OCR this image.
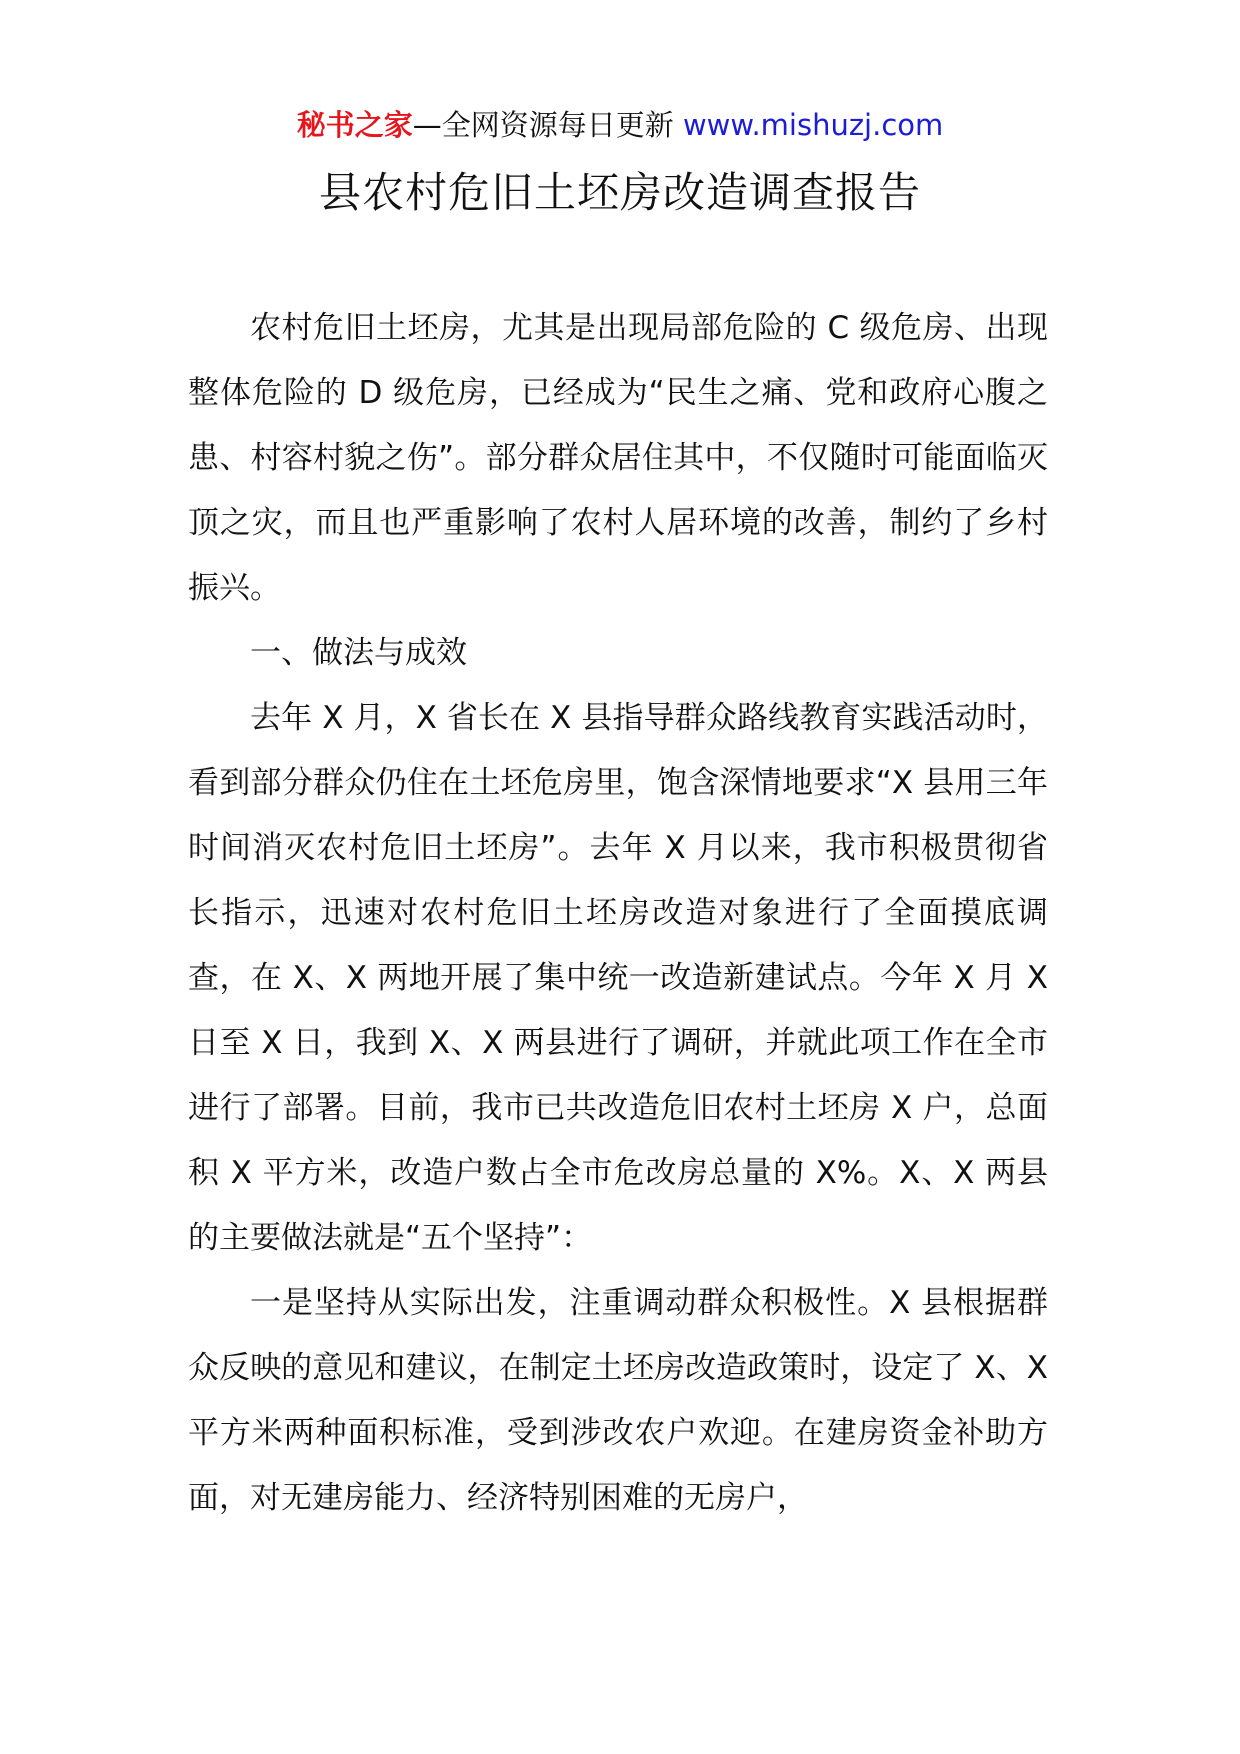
秘书之家—全网资源每日更新 www.mishuzj.com
县农村危旧土坯房改造调查报告

农村危旧土坯房，尤其是出现局部危险的 C 级危房、出现整体危险的 D 级危房，已经成为“民生之痛、党和政府心腹之患、村容村貌之伤”。部分群众居住其中，不仅随时可能面临灭顶之灾，而且也严重影响了农村人居环境的改善，制约了乡村振兴。

一、做法与成效

去年 X 月，X 省长在 X 县指导群众路线教育实践活动时，看到部分群众仍住在土坯危房里，饱含深情地要求“X 县用三年时间消灭农村危旧土坯房”。去年 X 月以来，我市积极贯彻省长指示，迅速对农村危旧土坯房改造对象进行了全面摸底调查，在 X、X 两地开展了集中统一改造新建试点。今年 X 月 X 日至 X 日，我到 X、X 两县进行了调研，并就此项工作在全市进行了部署。目前，我市已共改造危旧农村土坯房 X 户，总面积 X 平方米，改造户数占全市危改房总量的 X%。X、X 两县的主要做法就是“五个坚持”：

一是坚持从实际出发，注重调动群众积极性。X 县根据群众反映的意见和建议，在制定土坯房改造政策时，设定了 X、X 平方米两种面积标准，受到涉改农户欢迎。在建房资金补助方面，对无建房能力、经济特别困难的无房户，
